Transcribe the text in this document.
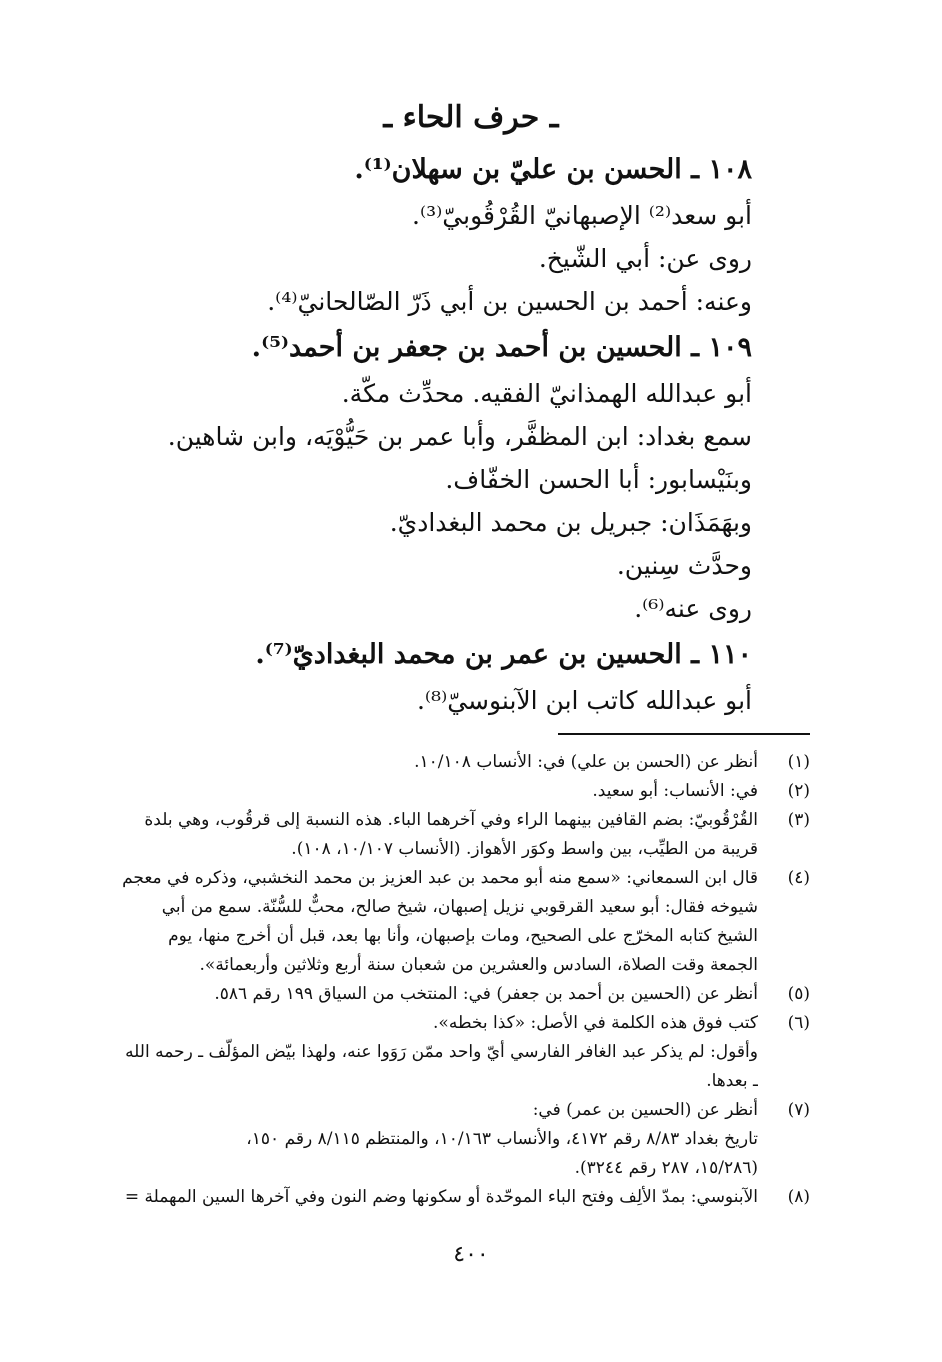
ـ حرف الحاء ـ
١٠٨ ـ الحسن بن عليّ بن سهلان⁽¹⁾.
أبو سعد⁽²⁾ الإصبهانيّ القُرْقُوبيّ⁽³⁾.
روى عن: أبي الشّيخ.
وعنه: أحمد بن الحسين بن أبي ذَرّ الصّالحانيّ⁽⁴⁾.
١٠٩ ـ الحسين بن أحمد بن جعفر بن أحمد⁽⁵⁾.
أبو عبدالله الهمذانيّ الفقيه. محدِّث مكّة.
سمع بغداد: ابن المظفَّر، وأبا عمر بن حَيُّوْيَه، وابن شاهين.
وبنَيْسابور: أبا الحسن الخفّاف.
وبهَمَذَان: جبريل بن محمد البغداديّ.
وحدَّث سِنين.
روى عنه⁽⁶⁾.
١١٠ ـ الحسين بن عمر بن محمد البغداديّ⁽⁷⁾.
أبو عبدالله كاتب ابن الآبنوسيّ⁽⁸⁾.
(١)
أنظر عن (الحسن بن علي) في: الأنساب ١٠/١٠٨.
(٢)
في: الأنساب: أبو سعيد.
(٣)
القُرْقُوبيّ: بضم القافين بينهما الراء وفي آخرهما الباء. هذه النسبة إلى قرقُوب، وهي بلدة
قريبة من الطيِّب، بين واسط وكوَر الأهواز. (الأنساب ١٠/١٠٧، ١٠٨).
(٤)
قال ابن السمعاني: «سمع منه أبو محمد بن عبد العزيز بن محمد النخشبي، وذكره في معجم
شيوخه فقال: أبو سعيد القرقوبي نزيل إصبهان، شيخ صالح، محبٌّ للسُّنّة. سمع من أبي
الشيخ كتابه المخرّج على الصحيح، ومات بإصبهان، وأنا بها بعد، قبل أن أخرج منها، يوم
الجمعة وقت الصلاة، السادس والعشرين من شعبان سنة أربع وثلاثين وأربعمائة».
(٥)
أنظر عن (الحسين بن أحمد بن جعفر) في: المنتخب من السياق ١٩٩ رقم ٥٨٦.
(٦)
كتب فوق هذه الكلمة في الأصل: «كذا بخطه».
وأقول: لم يذكر عبد الغافر الفارسي أيّ واحد ممّن رَوَوا عنه، ولهذا بيّض المؤلّف ـ رحمه الله
ـ بعدها.
(٧)
أنظر عن (الحسين بن عمر) في:
تاريخ بغداد ٨/٨٣ رقم ٤١٧٢، والأنساب ١٠/١٦٣، والمنتظم ٨/١١٥ رقم ١٥٠،
(١٥/٢٨٦، ٢٨٧ رقم ٣٢٤٤).
(٨)
الآبنوسي: بمدّ الألِف وفتح الباء الموحّدة أو سكونها وضم النون وفي آخرها السين المهملة =
٤٠٠
